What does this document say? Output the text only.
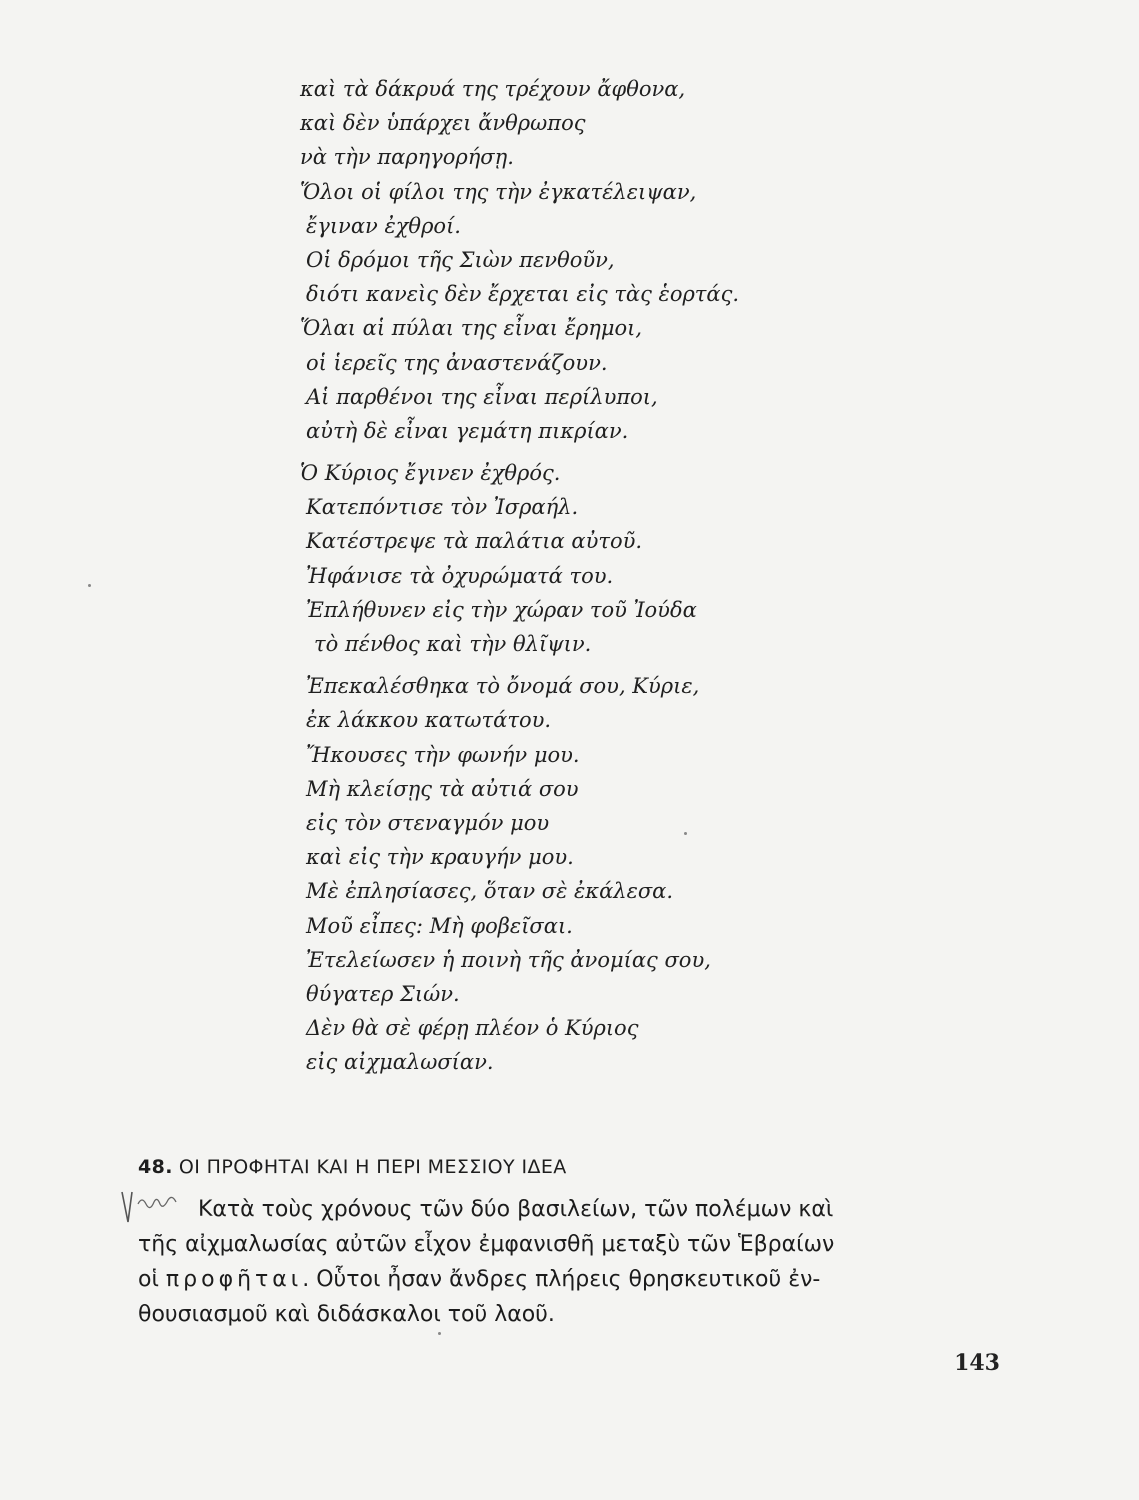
καὶ τὰ δάκρυά της τρέχουν ἄφθονα,
καὶ δὲν ὑπάρχει ἄνθρωπος
νὰ τὴν παρηγορήσῃ.
Ὅλοι οἱ φίλοι της τὴν ἐγκατέλειψαν,
ἔγιναν ἐχθροί.
Οἱ δρόμοι τῆς Σιὼν πενθοῦν,
διότι κανεὶς δὲν ἔρχεται εἰς τὰς ἑορτάς.
Ὅλαι αἱ πύλαι της εἶναι ἔρημοι,
οἱ ἱερεῖς της ἀναστενάζουν.
Αἱ παρθένοι της εἶναι περίλυποι,
αὐτὴ δὲ εἶναι γεμάτη πικρίαν.
Ὁ Κύριος ἔγινεν ἐχθρός.
Κατεπόντισε τὸν Ἰσραήλ.
Κατέστρεψε τὰ παλάτια αὐτοῦ.
Ἠφάνισε τὰ ὀχυρώματά του.
Ἐπλήθυνεν εἰς τὴν χώραν τοῦ Ἰούδα
τὸ πένθος καὶ τὴν θλῖψιν.
Ἐπεκαλέσθηκα τὸ ὄνομά σου, Κύριε,
ἐκ λάκκου κατωτάτου.
Ἤκουσες τὴν φωνήν μου.
Μὴ κλείσῃς τὰ αὐτιά σου
εἰς τὸν στεναγμόν μου
καὶ εἰς τὴν κραυγήν μου.
Μὲ ἐπλησίασες, ὅταν σὲ ἐκάλεσα.
Μοῦ εἶπες: Μὴ φοβεῖσαι.
Ἐτελείωσεν ἡ ποινὴ τῆς ἀνομίας σου,
θύγατερ Σιών.
Δὲν θὰ σὲ φέρῃ πλέον ὁ Κύριος
εἰς αἰχμαλωσίαν.
48. ΟΙ ΠΡΟΦΗΤΑΙ ΚΑΙ Η ΠΕΡΙ ΜΕΣΣΙΟΥ ΙΔΕΑ
Κατὰ τοὺς χρόνους τῶν δύο βασιλείων, τῶν πολέμων καὶ
τῆς αἰχμαλωσίας αὐτῶν εἶχον ἐμφανισθῆ μεταξὺ τῶν Ἑβραίων
οἱ προφῆται. Οὗτοι ἦσαν ἄνδρες πλήρεις θρησκευτικοῦ ἐν-
θουσιασμοῦ καὶ διδάσκαλοι τοῦ λαοῦ.
143
